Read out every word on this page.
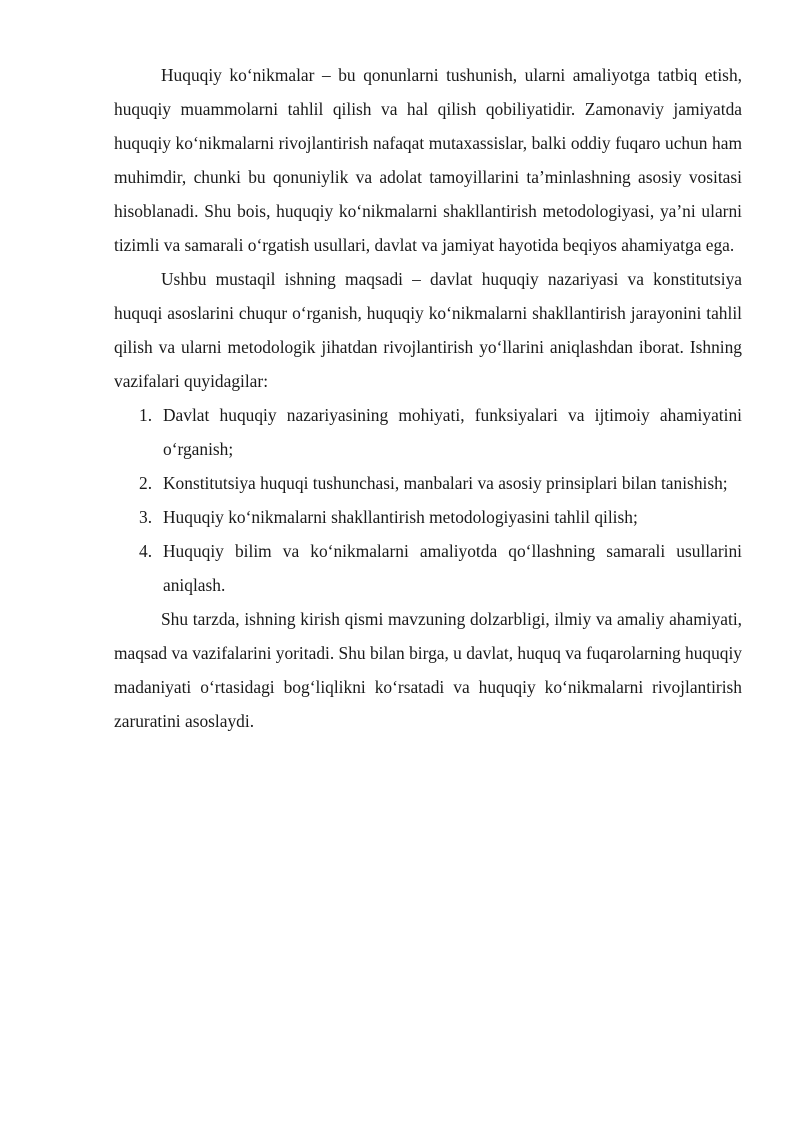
Huquqiy ko‘nikmalar – bu qonunlarni tushunish, ularni amaliyotga tatbiq etish, huquqiy muammolarni tahlil qilish va hal qilish qobiliyatidir. Zamonaviy jamiyatda huquqiy ko‘nikmalarni rivojlantirish nafaqat mutaxassislar, balki oddiy fuqaro uchun ham muhimdir, chunki bu qonuniylik va adolat tamoyillarini ta’minlashning asosiy vositasi hisoblanadi. Shu bois, huquqiy ko‘nikmalarni shakllantirish metodologiyasi, ya’ni ularni tizimli va samarali o‘rgatish usullari, davlat va jamiyat hayotida beqiyos ahamiyatga ega.

Ushbu mustaqil ishning maqsadi – davlat huquqiy nazariyasi va konstitutsiya huquqi asoslarini chuqur o‘rganish, huquqiy ko‘nikmalarni shakllantirish jarayonini tahlil qilish va ularni metodologik jihatdan rivojlantirish yo‘llarini aniqlashdan iborat. Ishning vazifalari quyidagilar:

1. Davlat huquqiy nazariyasining mohiyati, funksiyalari va ijtimoiy ahamiyatini o‘rganish;
2. Konstitutsiya huquqi tushunchasi, manbalari va asosiy prinsiplari bilan tanishish;
3. Huquqiy ko‘nikmalarni shakllantirish metodologiyasini tahlil qilish;
4. Huquqiy bilim va ko‘nikmalarni amaliyotda qo‘llashning samarali usullarini aniqlash.

Shu tarzda, ishning kirish qismi mavzuning dolzarbligi, ilmiy va amaliy ahamiyati, maqsad va vazifalarini yoritadi. Shu bilan birga, u davlat, huquq va fuqarolarning huquqiy madaniyati o‘rtasidagi bog‘liqlikni ko‘rsatadi va huquqiy ko‘nikmalarni rivojlantirish zaruratini asoslaydi.
